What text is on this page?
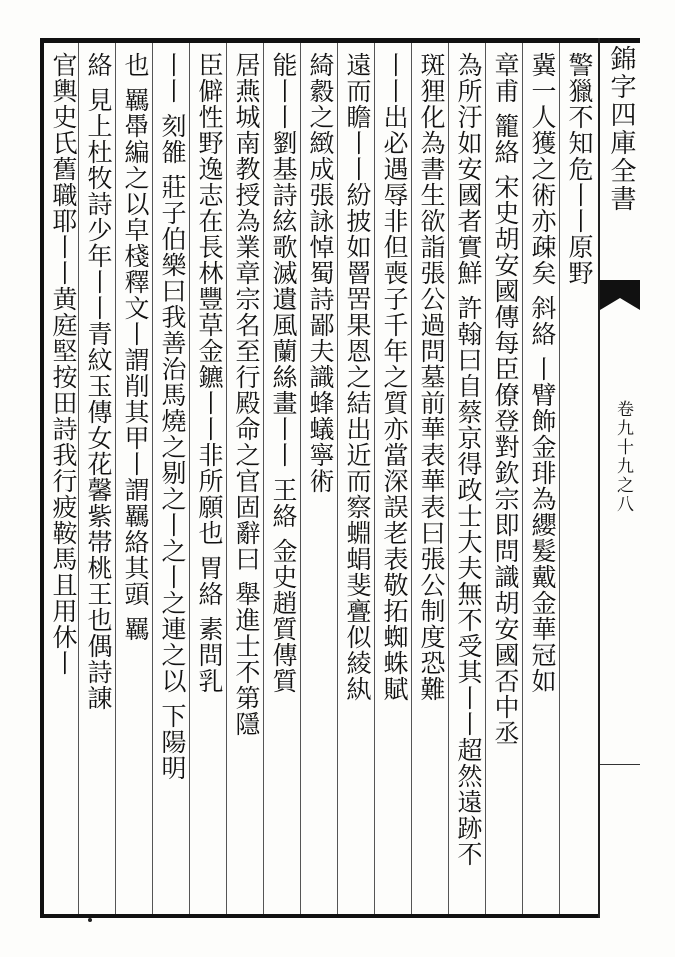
錦字四庫全書
卷九十九之八
警獵不知危丨丨原野
冀一人獲之術亦疎矣 斜絡 丨臂飾金琲為纓髮戴金華冠如
章甫 籠絡 宋史胡安國傳每臣僚登對欽宗即問識胡安國否中丞
為所汙如安國者實鮮 許翰曰自蔡京得政士大夫無不受其丨丨超然遠跡不
斑狸化為書生欲詣張公過問墓前華表華表曰張公制度恐難
丨丨出必遇辱非但喪子千年之質亦當深誤老表敬拓蜘蛛賦
遠而瞻丨丨紛披如罾罟果恩之結出近而察蜵蜎斐亹似綾紈
綺縠之緻成張詠悼蜀詩鄙夫識蜂蟻寧術
能丨丨劉基詩絃歌滅遺風蘭絲畫丨丨 王絡 金史趙質傳質
居燕城南教授為業章宗名至行殿命之官固辭曰 舉進士不第隱
臣僻性野逸志在長林豐草金鑣丨丨非所願也 胃絡 素問乳
丨丨 刻雒 莊子伯樂曰我善治馬燒之剔之丨之丨之連之以 下陽明
也 羈馽編之以皁棧釋文丨謂削其甲丨謂羈絡其頭 羈
絡 見上杜牧詩少年丨丨青紋玉傳女花馨紫帯桃王也偶詩諌
官輿史氏舊職耶丨丨黄庭堅按田詩我行疲鞍馬且用休丨
